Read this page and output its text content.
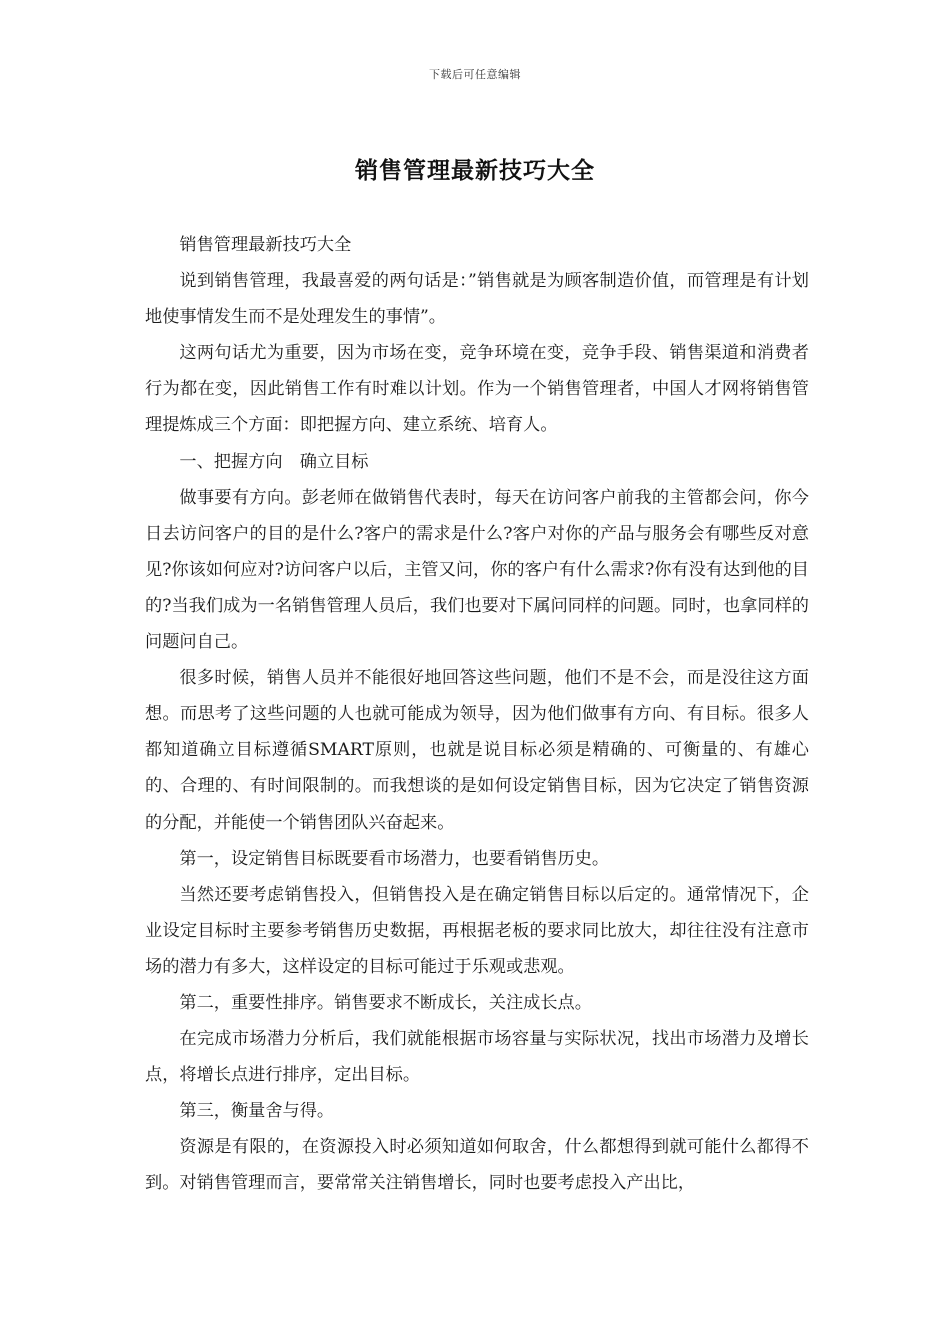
下载后可任意编辑
销售管理最新技巧大全

销售管理最新技巧大全

说到销售管理，我最喜爱的两句话是：”销售就是为顾客制造价值，而管理是有计划地使事情发生而不是处理发生的事情”。

这两句话尤为重要，因为市场在变，竞争环境在变，竞争手段、销售渠道和消费者行为都在变，因此销售工作有时难以计划。作为一个销售管理者，中国人才网将销售管理提炼成三个方面：即把握方向、建立系统、培育人。

一、把握方向　确立目标

做事要有方向。彭老师在做销售代表时，每天在访问客户前我的主管都会问，你今日去访问客户的目的是什么?客户的需求是什么?客户对你的产品与服务会有哪些反对意见?你该如何应对?访问客户以后，主管又问，你的客户有什么需求?你有没有达到他的目的?当我们成为一名销售管理人员后，我们也要对下属问同样的问题。同时，也拿同样的问题问自己。

很多时候，销售人员并不能很好地回答这些问题，他们不是不会，而是没往这方面想。而思考了这些问题的人也就可能成为领导，因为他们做事有方向、有目标。很多人都知道确立目标遵循SMART原则，也就是说目标必须是精确的、可衡量的、有雄心的、合理的、有时间限制的。而我想谈的是如何设定销售目标，因为它决定了销售资源的分配，并能使一个销售团队兴奋起来。

第一，设定销售目标既要看市场潜力，也要看销售历史。

当然还要考虑销售投入，但销售投入是在确定销售目标以后定的。通常情况下，企业设定目标时主要参考销售历史数据，再根据老板的要求同比放大，却往往没有注意市场的潜力有多大，这样设定的目标可能过于乐观或悲观。

第二，重要性排序。销售要求不断成长，关注成长点。

在完成市场潜力分析后，我们就能根据市场容量与实际状况，找出市场潜力及增长点，将增长点进行排序，定出目标。

第三，衡量舍与得。

资源是有限的，在资源投入时必须知道如何取舍，什么都想得到就可能什么都得不到。对销售管理而言，要常常关注销售增长，同时也要考虑投入产出比，
